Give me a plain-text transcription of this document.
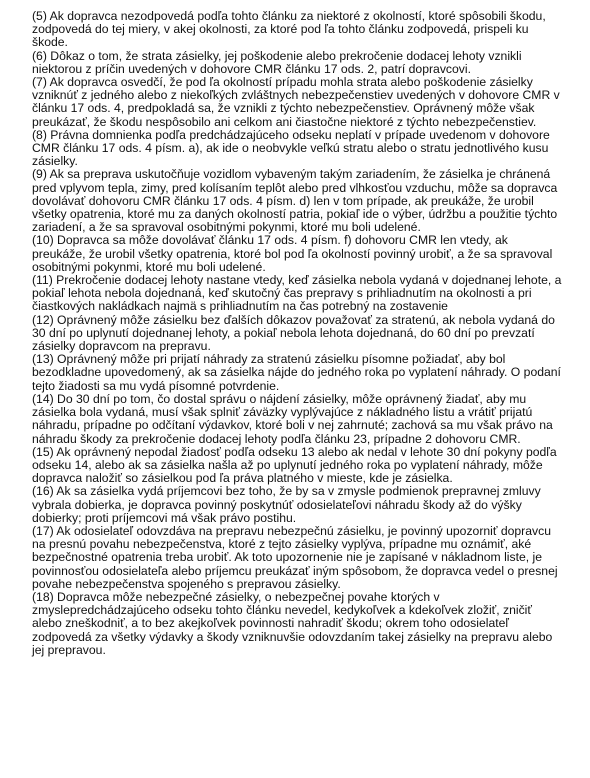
(5) Ak dopravca nezodpovedá podľa tohto článku za niektoré z okolností, ktoré spôsobili škodu, zodpovedá do tej miery, v akej okolnosti, za ktoré pod ľa tohto článku zodpovedá, prispeli ku škode.

(6) Dôkaz o tom, že strata zásielky, jej poškodenie alebo prekročenie dodacej lehoty vznikli niektorou z príčin uvedených v dohovore CMR článku 17 ods. 2, patrí dopravcovi.

(7) Ak dopravca osvedčí, že pod ľa okolností prípadu mohla strata alebo poškodenie zásielky vzniknúť z jedného alebo z niekoľkých zvláštnych nebezpečenstiev uvedených v dohovore CMR v článku 17 ods. 4, predpokladá sa, že vznikli z týchto nebezpečenstiev. Oprávnený môže však preukázať, že škodu nespôsobilo ani celkom ani čiastočne niektoré z týchto nebezpečenstiev.

(8) Právna domnienka podľa predchádzajúceho odseku neplatí v prípade uvedenom v dohovore CMR článku 17 ods. 4 písm. a), ak ide o neobvykle veľkú stratu alebo o stratu jednotlivého kusu zásielky.

(9) Ak sa preprava uskutočňuje vozidlom vybaveným takým zariadením, že zásielka je chránená pred vplyvom tepla, zimy, pred kolísaním teplôt alebo pred vlhkosťou vzduchu, môže sa dopravca dovolávať dohovoru CMR článku 17 ods. 4 písm. d) len v tom prípade, ak preukáže, že urobil všetky opatrenia, ktoré mu za daných okolností patria, pokiaľ ide o výber, údržbu a použitie týchto zariadení, a že sa spravoval osobitnými pokynmi, ktoré mu boli udelené.

(10) Dopravca sa môže dovolávať článku 17 ods. 4 písm. f) dohovoru CMR len vtedy, ak preukáže, že urobil všetky opatrenia, ktoré bol pod ľa okolností povinný urobiť, a že sa spravoval osobitnými pokynmi, ktoré mu boli udelené.

(11) Prekročenie dodacej lehoty nastane vtedy, keď zásielka nebola vydaná v dojednanej lehote, a pokiaľ lehota nebola dojednaná, keď skutočný čas prepravy s prihliadnutím na okolnosti a pri čiastkových nakládkach najmä s prihliadnutím na čas potrebný na zostavenie

(12) Oprávnený môže zásielku bez ďalších dôkazov považovať za stratenú, ak nebola vydaná do 30 dní po uplynutí dojednanej lehoty, a pokiaľ nebola lehota dojednaná, do 60 dní po prevzatí zásielky dopravcom na prepravu.

(13) Oprávnený môže pri prijatí náhrady za stratenú zásielku písomne požiadať, aby bol bezodkladne upovedomený, ak sa zásielka nájde do jedného roka po vyplatení náhrady. O podaní tejto žiadosti sa mu vydá písomné potvrdenie.

(14) Do 30 dní po tom, čo dostal správu o nájdení zásielky, môže oprávnený žiadať, aby mu zásielka bola vydaná, musí však splniť záväzky vyplývajúce z nákladného listu a vrátiť prijatú náhradu, prípadne po odčítaní výdavkov, ktoré boli v nej zahrnuté; zachová sa mu však právo na náhradu škody za prekročenie dodacej lehoty podľa článku 23, prípadne 2 dohovoru CMR.

(15) Ak oprávnený nepodal žiadosť podľa odseku 13 alebo ak nedal v lehote 30 dní pokyny podľa odseku 14, alebo ak sa zásielka našla až po uplynutí jedného roka po vyplatení náhrady, môže dopravca naložiť so zásielkou pod ľa práva platného v mieste, kde je zásielka.

(16) Ak sa zásielka vydá príjemcovi bez toho, že by sa v zmysle podmienok prepravnej zmluvy vybrala dobierka, je dopravca povinný poskytnúť odosielateľovi náhradu škody až do výšky dobierky; proti príjemcovi má však právo postihu.

(17) Ak odosielateľ odovzdáva na prepravu nebezpečnú zásielku, je povinný upozorniť dopravcu na presnú povahu nebezpečenstva, ktoré z tejto zásielky vyplýva, prípadne mu oznámiť, aké bezpečnostné opatrenia treba urobiť. Ak toto upozornenie nie je zapísané v nákladnom liste, je povinnosťou odosielateľa alebo príjemcu preukázať iným spôsobom, že dopravca vedel o presnej povahe nebezpečenstva spojeného s prepravou zásielky.

(18) Dopravca môže nebezpečné zásielky, o nebezpečnej povahe ktorých v zmyslepredchádzajúceho odseku tohto článku nevedel, kedykoľvek a kdekoľvek zložiť, zničiť alebo zneškodniť, a to bez akejkoľvek povinnosti nahradiť škodu; okrem toho odosielateľ zodpovedá za všetky výdavky a škody vzniknuvšie odovzdaním takej zásielky na prepravu alebo jej prepravou.
